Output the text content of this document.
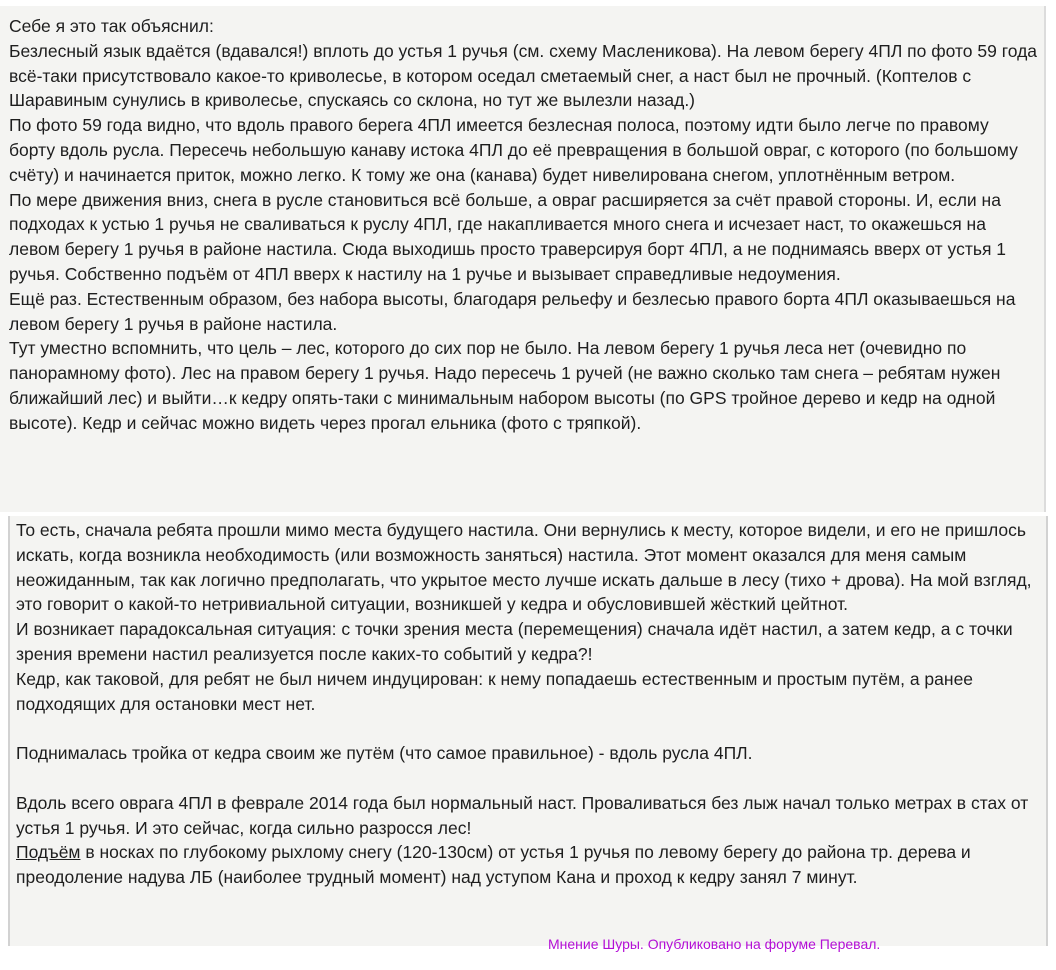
Себе я это так объяснил:

Безлесный язык вдаётся (вдавался!) вплоть до устья 1 ручья (см. схему Масленикова). На левом берегу 4ПЛ по фото 59 года всё-таки присутствовало какое-то криволесье, в котором оседал сметаемый снег, а наст был не прочный. (Коптелов с Шаравиным сунулись в криволесье, спускаясь со склона, но тут же вылезли назад.)

По фото 59 года видно, что вдоль правого берега 4ПЛ имеется безлесная полоса, поэтому идти было легче по правому борту вдоль русла. Пересечь небольшую канаву истока 4ПЛ до её превращения в большой овраг, с которого (по большому счёту) и начинается приток, можно легко. К тому же она (канава) будет нивелирована снегом, уплотнённым ветром.

По мере движения вниз, снега в русле становиться всё больше, а овраг расширяется за счёт правой стороны. И, если на подходах к устью 1 ручья не сваливаться к руслу 4ПЛ, где накапливается много снега и исчезает наст, то окажешься на левом берегу 1 ручья в районе настила. Сюда выходишь просто траверсируя борт 4ПЛ, а не поднимаясь вверх от устья 1 ручья. Собственно подъём от 4ПЛ вверх к настилу на 1 ручье и вызывает справедливые недоумения.

Ещё раз. Естественным образом, без набора высоты, благодаря рельефу и безлесью правого борта 4ПЛ оказываешься на левом берегу 1 ручья в районе настила.

Тут уместно вспомнить, что цель – лес, которого до сих пор не было. На левом берегу 1 ручья леса нет (очевидно по панорамному фото). Лес на правом берегу 1 ручья. Надо пересечь 1 ручей (не важно сколько там снега – ребятам нужен ближайший лес) и выйти…к кедру опять-таки с минимальным набором высоты (по GPS тройное дерево и кедр на одной высоте). Кедр и сейчас можно видеть через прогал ельника (фото с тряпкой).

То есть, сначала ребята прошли мимо места будущего настила. Они вернулись к месту, которое видели, и его не пришлось искать, когда возникла необходимость (или возможность заняться) настила. Этот момент оказался для меня самым неожиданным, так как логично предполагать, что укрытое место лучше искать дальше в лесу (тихо + дрова). На мой взгляд, это говорит о какой-то нетривиальной ситуации, возникшей у кедра и обусловившей жёсткий цейтнот.

И возникает парадоксальная ситуация: с точки зрения места (перемещения) сначала идёт настил, а затем кедр, а с точки зрения времени настил реализуется после каких-то событий у кедра?!

Кедр, как таковой, для ребят не был ничем индуцирован: к нему попадаешь естественным и простым путём, а ранее подходящих для остановки мест нет.

Поднималась тройка от кедра своим же путём (что самое правильное) - вдоль русла 4ПЛ.

Вдоль всего оврага 4ПЛ в феврале 2014 года был нормальный наст. Проваливаться без лыж начал только метрах в стах от устья 1 ручья. И это сейчас, когда сильно разросся лес!

Подъём в носках по глубокому рыхлому снегу (120-130см) от устья 1 ручья по левому берегу до района тр. дерева и преодоление надува ЛБ (наиболее трудный момент) над уступом Кана и проход к кедру занял 7 минут.

Мнение Шуры. Опубликовано на форуме Перевал.
